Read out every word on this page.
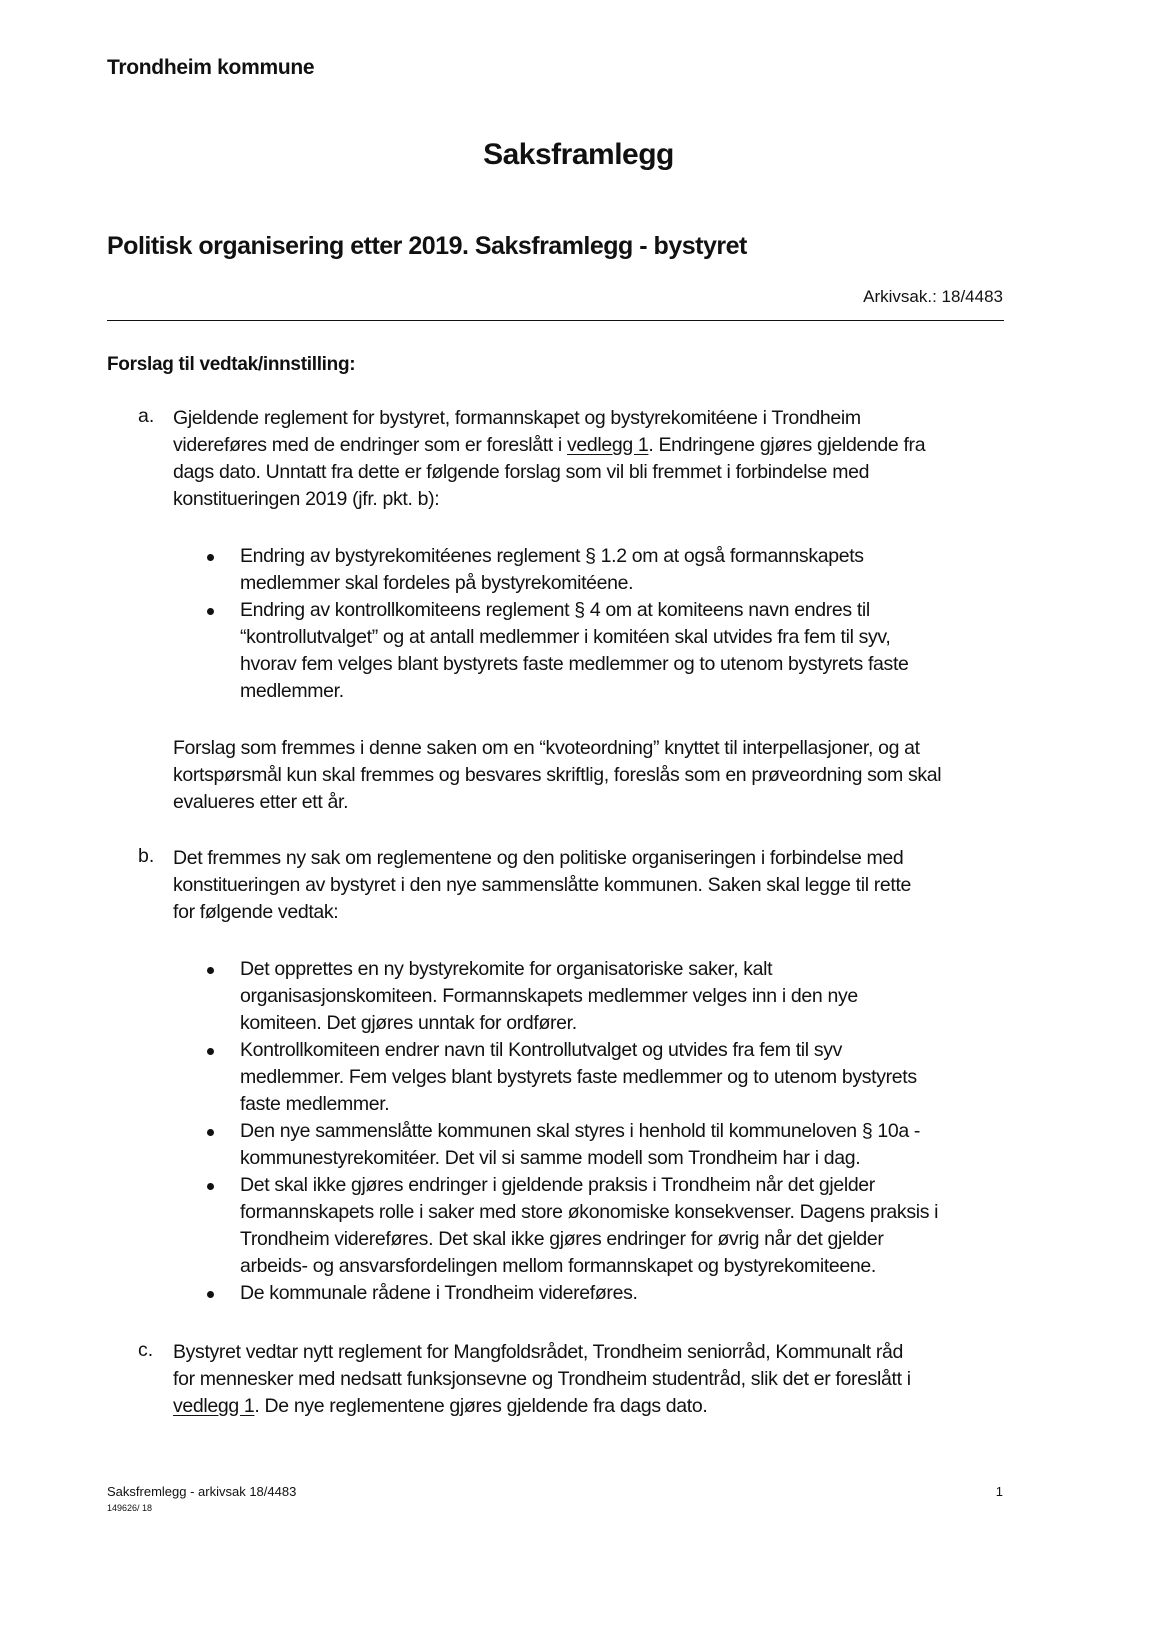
Trondheim kommune
Saksframlegg
Politisk organisering etter 2019. Saksframlegg - bystyret
Arkivsak.: 18/4483
Forslag til vedtak/innstilling:
a. Gjeldende reglement for bystyret, formannskapet og bystyrekomitéene i Trondheim
videreføres med de endringer som er foreslått i vedlegg 1. Endringene gjøres gjeldende fra
dags dato. Unntatt fra dette er følgende forslag som vil bli fremmet i forbindelse med
konstitueringen 2019 (jfr. pkt. b):
Endring av bystyrekomitéenes reglement § 1.2 om at også formannskapets
medlemmer skal fordeles på bystyrekomitéene.
Endring av kontrollkomiteens reglement § 4 om at komiteens navn endres til
“kontrollutvalget” og at antall medlemmer i komitéen skal utvides fra fem til syv,
hvorav fem velges blant bystyrets faste medlemmer og to utenom bystyrets faste
medlemmer.
Forslag som fremmes i denne saken om en “kvoteordning” knyttet til interpellasjoner, og at
kortspørsmål kun skal fremmes og besvares skriftlig, foreslås som en prøveordning som skal
evalueres etter ett år.
b. Det fremmes ny sak om reglementene og den politiske organiseringen i forbindelse med
konstitueringen av bystyret i den nye sammenslåtte kommunen. Saken skal legge til rette
for følgende vedtak:
Det opprettes en ny bystyrekomite for organisatoriske saker, kalt
organisasjonskomiteen. Formannskapets medlemmer velges inn i den nye
komiteen. Det gjøres unntak for ordfører.
Kontrollkomiteen endrer navn til Kontrollutvalget og utvides fra fem til syv
medlemmer. Fem velges blant bystyrets faste medlemmer og to utenom bystyrets
faste medlemmer.
Den nye sammenslåtte kommunen skal styres i henhold til kommuneloven § 10a -
kommunestyrekomitéer. Det vil si samme modell som Trondheim har i dag.
Det skal ikke gjøres endringer i gjeldende praksis i Trondheim når det gjelder
formannskapets rolle i saker med store økonomiske konsekvenser. Dagens praksis i
Trondheim videreføres. Det skal ikke gjøres endringer for øvrig når det gjelder
arbeids- og ansvarsfordelingen mellom formannskapet og bystyrekomiteene.
De kommunale rådene i Trondheim videreføres.
c. Bystyret vedtar nytt reglement for Mangfoldsrådet, Trondheim seniorråd, Kommunalt råd
for mennesker med nedsatt funksjonsevne og Trondheim studentråd, slik det er foreslått i
vedlegg 1. De nye reglementene gjøres gjeldende fra dags dato.
Saksfremlegg - arkivsak 18/4483
149626/ 18
1
